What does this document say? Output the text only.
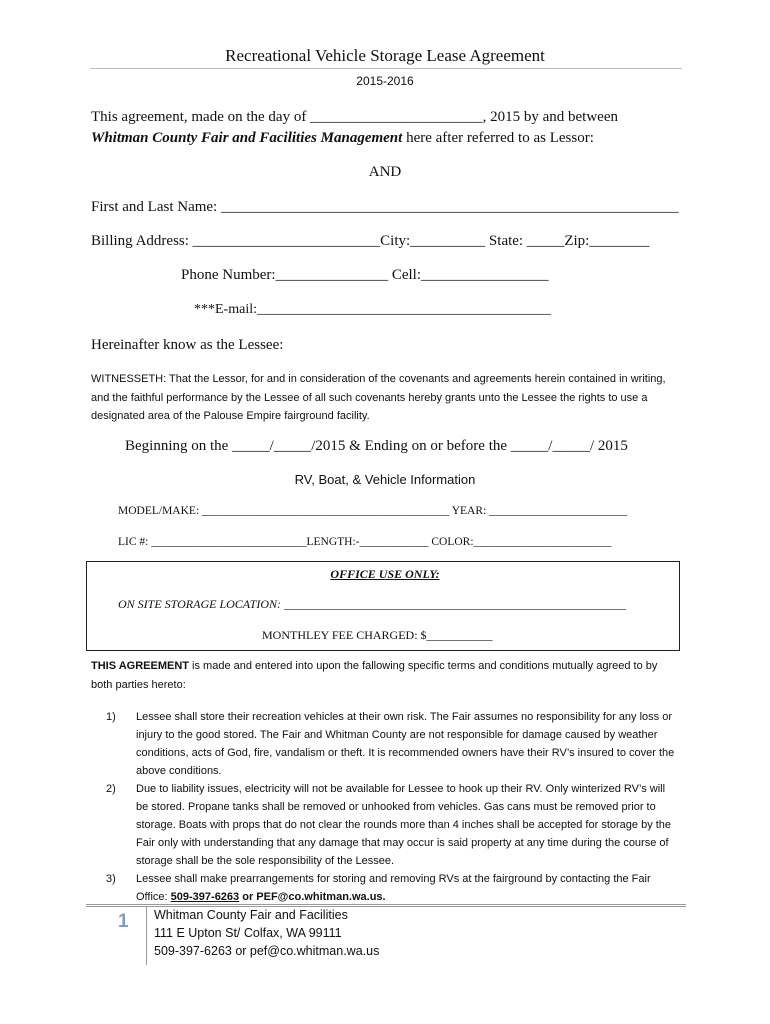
Recreational Vehicle Storage Lease Agreement
2015-2016
This agreement, made on the day of _______________________, 2015 by and between
Whitman County Fair and Facilities Management here after referred to as Lessor:
AND
First and Last Name: _____________________________________________________________
Billing Address: _________________________City:__________ State: _____Zip:________
Phone Number:_______________ Cell:_________________
***E-mail:__________________________________________
Hereinafter know as the Lessee:
WITNESSETH: That the Lessor, for and in consideration of the covenants and agreements herein contained in writing, and the faithful performance by the Lessee of all such covenants hereby grants unto the Lessee the rights to use a designated area of the Palouse Empire fairground facility.
Beginning on the _____/_____/2015 & Ending on or before the _____/_____/ 2015
RV, Boat, & Vehicle Information
MODEL/MAKE: ___________________________________________ YEAR: ________________________
LIC #: ___________________________LENGTH:-____________ COLOR:________________________
OFFICE USE ONLY:
ON SITE STORAGE LOCATION: _________________________________________________________
MONTHLEY FEE CHARGED: $___________
THIS AGREEMENT is made and entered into upon the fallowing specific terms and conditions mutually agreed to by both parties hereto:
1) Lessee shall store their recreation vehicles at their own risk. The Fair assumes no responsibility for any loss or injury to the good stored. The Fair and Whitman County are not responsible for damage caused by weather conditions, acts of God, fire, vandalism or theft. It is recommended owners have their RV’s insured to cover the above conditions.
2) Due to liability issues, electricity will not be available for Lessee to hook up their RV. Only winterized RV’s will be stored. Propane tanks shall be removed or unhooked from vehicles. Gas cans must be removed prior to storage. Boats with props that do not clear the rounds more than 4 inches shall be accepted for storage by the Fair only with understanding that any damage that may occur is said property at any time during the course of storage shall be the sole responsibility of the Lessee.
3) Lessee shall make prearrangements for storing and removing RVs at the fairground by contacting the Fair Office: 509-397-6263 or PEF@co.whitman.wa.us.
1 Whitman County Fair and Facilities
111 E Upton St/ Colfax, WA 99111
509-397-6263 or pef@co.whitman.wa.us
